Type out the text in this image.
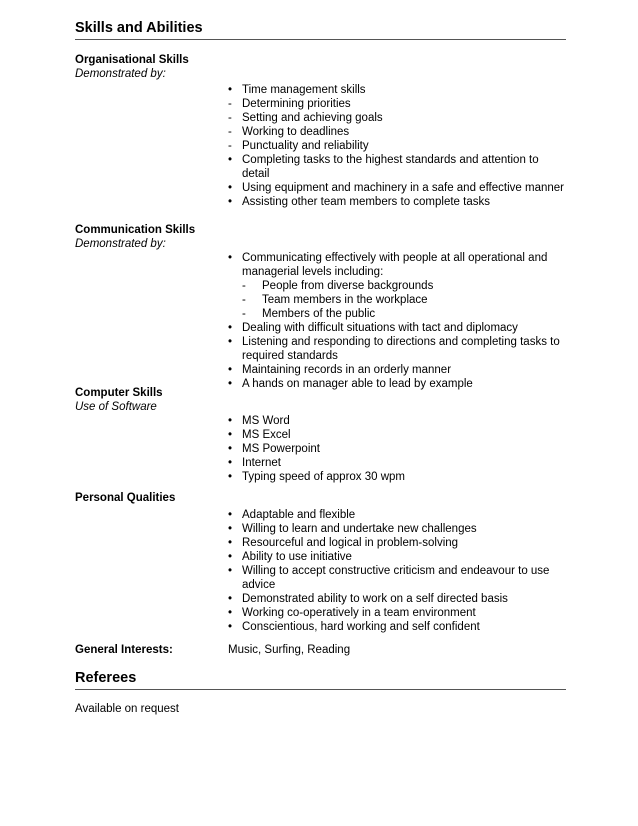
Skills and Abilities
Organisational Skills
Demonstrated by:
• Time management skills
- Determining priorities
- Setting and achieving goals
- Working to deadlines
- Punctuality and reliability
• Completing tasks to the highest standards and attention to detail
• Using equipment and machinery in a safe and effective manner
• Assisting other team members to complete tasks
Communication Skills
Demonstrated by:
• Communicating effectively with people at all operational and managerial levels including:
-	People from diverse backgrounds
-	Team members in the workplace
-	Members of the public
• Dealing with difficult situations with tact and diplomacy
• Listening and responding to directions and completing tasks to required standards
• Maintaining records in an orderly manner
• A hands on manager able to lead by example
Computer Skills
Use of Software
• MS Word
• MS Excel
• MS Powerpoint
• Internet
• Typing speed of approx 30 wpm
Personal Qualities
• Adaptable and flexible
• Willing to learn and undertake new challenges
• Resourceful and logical in problem-solving
• Ability to use initiative
• Willing to accept constructive criticism and endeavour to use advice
• Demonstrated ability to work on a self directed basis
• Working co-operatively in a team environment
• Conscientious, hard working and self confident
General Interests:	Music, Surfing, Reading
Referees
Available on request
